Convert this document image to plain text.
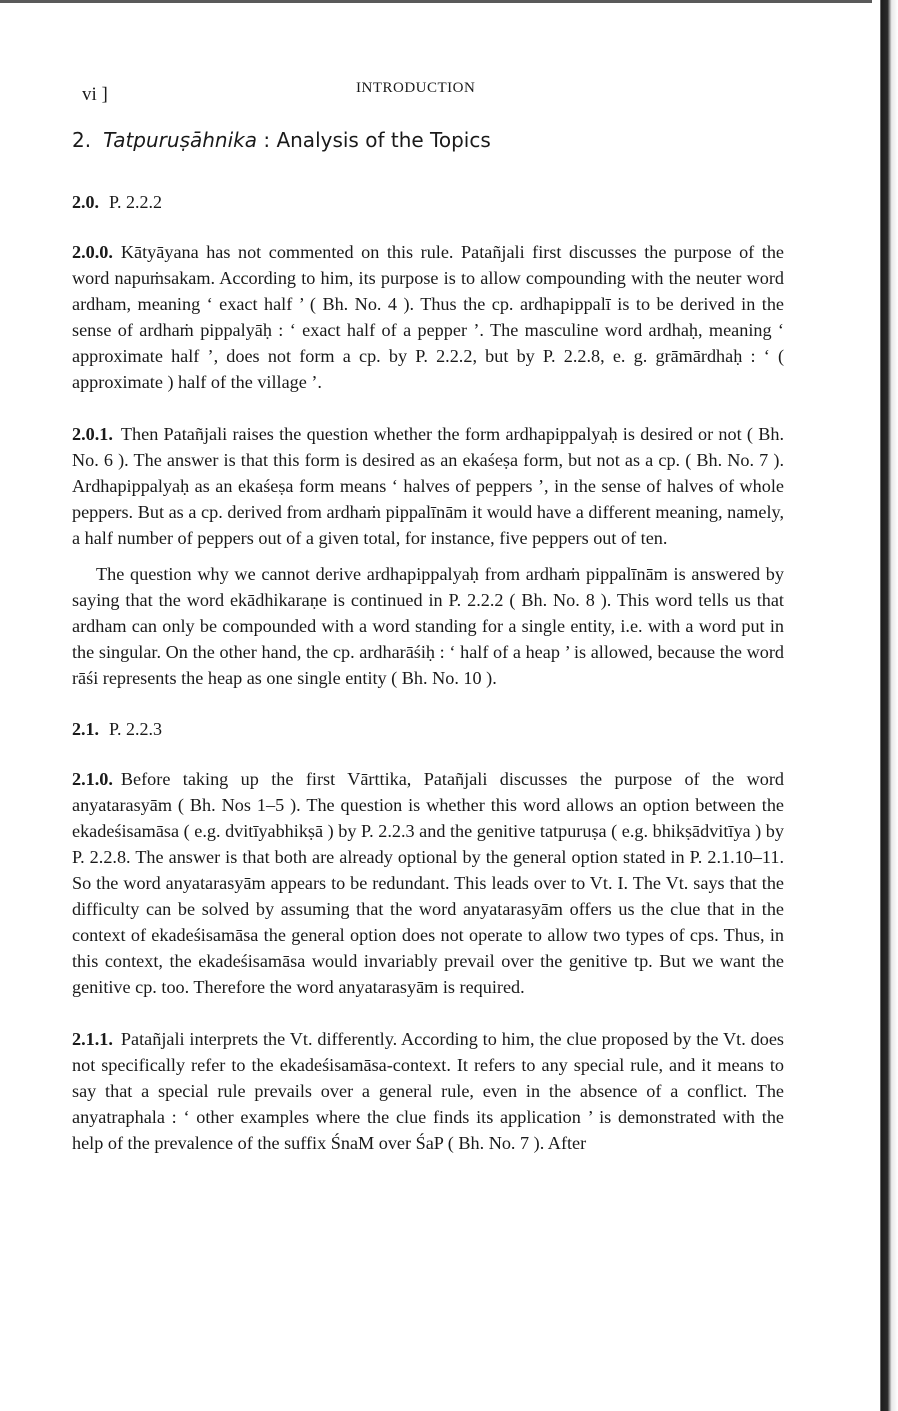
vi ]	INTRODUCTION
2. Tatpuruṣāhnika : Analysis of the Topics
2.0. P. 2.2.2

2.0.0. Kātyāyana has not commented on this rule. Patañjali first discusses the purpose of the word napuṁsakam. According to him, its purpose is to allow compounding with the neuter word ardham, meaning ‘ exact half ’ ( Bh. No. 4 ). Thus the cp. ardhapippalī is to be derived in the sense of ardhaṁ pippalyāḥ : ‘ exact half of a pepper ’. The masculine word ardhaḥ, meaning ‘ approximate half ’, does not form a cp. by P. 2.2.2, but by P. 2.2.8, e. g. grāmārdhaḥ : ‘ ( approximate ) half of the village ’.

2.0.1. Then Patañjali raises the question whether the form ardhapippalyaḥ is desired or not ( Bh. No. 6 ). The answer is that this form is desired as an ekaśeṣa form, but not as a cp. ( Bh. No. 7 ). Ardhapippalyaḥ as an ekaśeṣa form means ‘ halves of peppers ’, in the sense of halves of whole peppers. But as a cp. derived from ardhaṁ pippalīnām it would have a different meaning, namely, a half number of peppers out of a given total, for instance, five peppers out of ten.

The question why we cannot derive ardhapippalyaḥ from ardhaṁ pippalīnām is answered by saying that the word ekādhikaraṇe is continued in P. 2.2.2 ( Bh. No. 8 ). This word tells us that ardham can only be compounded with a word standing for a single entity, i.e. with a word put in the singular. On the other hand, the cp. ardharāśiḥ : ‘ half of a heap ’ is allowed, because the word rāśi represents the heap as one single entity ( Bh. No. 10 ).

2.1. P. 2.2.3

2.1.0. Before taking up the first Vārttika, Patañjali discusses the purpose of the word anyatarasyām ( Bh. Nos 1–5 ). The question is whether this word allows an option between the ekadeśisamāsa ( e.g. dvitīyabhikṣā ) by P. 2.2.3 and the genitive tatpuruṣa ( e.g. bhikṣādvitīya ) by P. 2.2.8. The answer is that both are already optional by the general option stated in P. 2.1.10–11. So the word anyatarasyām appears to be redundant. This leads over to Vt. I. The Vt. says that the difficulty can be solved by assuming that the word anyatarasyām offers us the clue that in the context of ekadeśisamāsa the general option does not operate to allow two types of cps. Thus, in this context, the ekadeśisamāsa would invariably prevail over the genitive tp. But we want the genitive cp. too. Therefore the word anyatarasyām is required.

2.1.1. Patañjali interprets the Vt. differently. According to him, the clue proposed by the Vt. does not specifically refer to the ekadeśisamāsa-context. It refers to any special rule, and it means to say that a special rule prevails over a general rule, even in the absence of a conflict. The anyatraphala : ‘ other examples where the clue finds its application ’ is demonstrated with the help of the prevalence of the suffix ŚnaM over ŚaP ( Bh. No. 7 ). After
